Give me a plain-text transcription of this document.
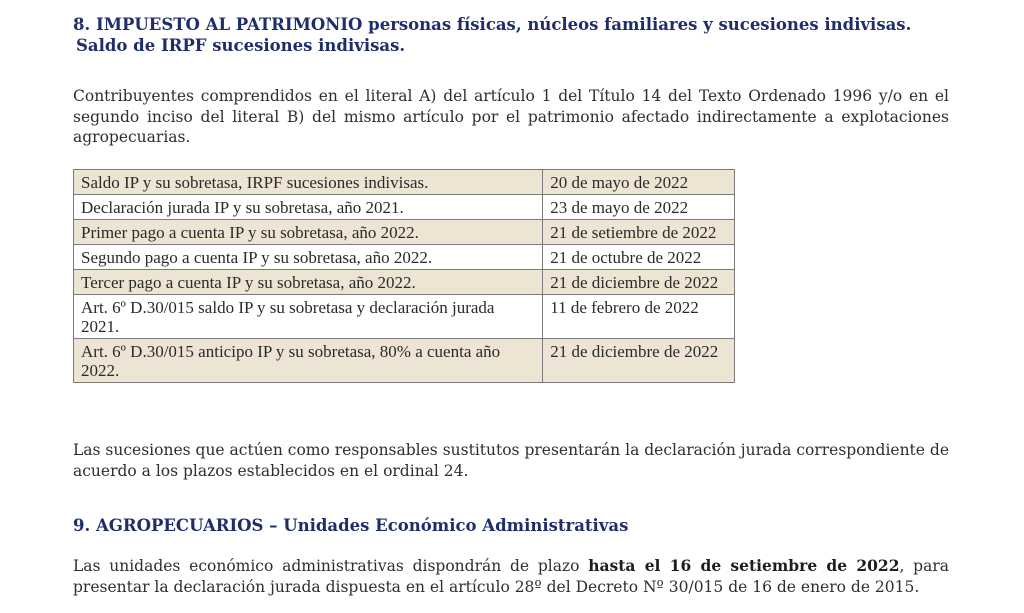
8. IMPUESTO AL PATRIMONIO personas físicas, núcleos familiares y sucesiones indivisas.
Saldo de IRPF sucesiones indivisas.
Contribuyentes comprendidos en el literal A) del artículo 1 del Título 14 del Texto Ordenado 1996 y/o en el segundo inciso del literal B) del mismo artículo por el patrimonio afectado indirectamente a explotaciones agropecuarias.
Saldo IP y su sobretasa, IRPF sucesiones indivisas.	20 de mayo de 2022
Declaración jurada IP y su sobretasa, año 2021.	23 de mayo de 2022
Primer pago a cuenta IP y su sobretasa, año 2022.	21 de setiembre de 2022
Segundo pago a cuenta IP y su sobretasa, año 2022.	21 de octubre de 2022
Tercer pago a cuenta IP y su sobretasa, año 2022.	21 de diciembre de 2022
Art. 6º D.30/015 saldo IP y su sobretasa y declaración jurada 2021.	11 de febrero de 2022
Art. 6º D.30/015 anticipo IP y su sobretasa, 80% a cuenta año 2022.	21 de diciembre de 2022
Las sucesiones que actúen como responsables sustitutos presentarán la declaración jurada correspondiente de acuerdo a los plazos establecidos en el ordinal 24.
9. AGROPECUARIOS – Unidades Económico Administrativas
Las unidades económico administrativas dispondrán de plazo hasta el 16 de setiembre de 2022, para presentar la declaración jurada dispuesta en el artículo 28º del Decreto Nº 30/015 de 16 de enero de 2015.
